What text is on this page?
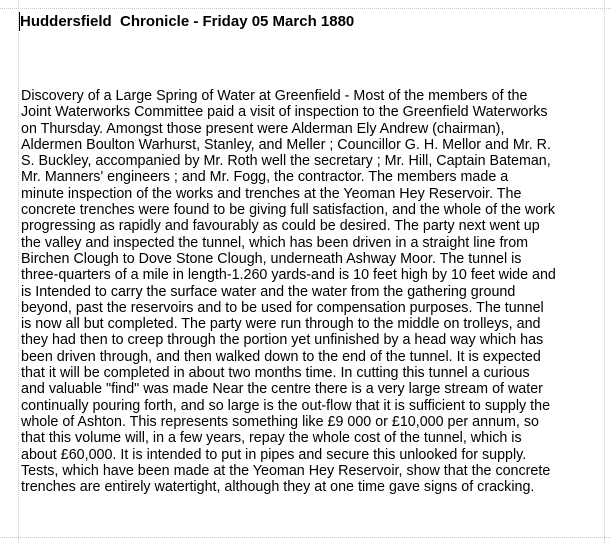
Huddersfield  Chronicle - Friday 05 March 1880
Discovery of a Large Spring of Water at Greenfield - Most of the members of the
Joint Waterworks Committee paid a visit of inspection to the Greenfield Waterworks
on Thursday. Amongst those present were Alderman Ely Andrew (chairman),
Aldermen Boulton Warhurst, Stanley, and Meller ; Councillor G. H. Mellor and Mr. R.
S. Buckley, accompanied by Mr. Roth well the secretary ; Mr. Hill, Captain Bateman,
Mr. Manners' engineers ; and Mr. Fogg, the contractor. The members made a
minute inspection of the works and trenches at the Yeoman Hey Reservoir. The
concrete trenches were found to be giving full satisfaction, and the whole of the work
progressing as rapidly and favourably as could be desired. The party next went up
the valley and inspected the tunnel, which has been driven in a straight line from
Birchen Clough to Dove Stone Clough, underneath Ashway Moor. The tunnel is
three-quarters of a mile in length-1.260 yards-and is 10 feet high by 10 feet wide and
is Intended to carry the surface water and the water from the gathering ground
beyond, past the reservoirs and to be used for compensation purposes. The tunnel
is now all but completed. The party were run through to the middle on trolleys, and
they had then to creep through the portion yet unfinished by a head way which has
been driven through, and then walked down to the end of the tunnel. It is expected
that it will be completed in about two months time. In cutting this tunnel a curious
and valuable "find" was made Near the centre there is a very large stream of water
continually pouring forth, and so large is the out-flow that it is sufficient to supply the
whole of Ashton. This represents something like £9 000 or £10,000 per annum, so
that this volume will, in a few years, repay the whole cost of the tunnel, which is
about £60,000. It is intended to put in pipes and secure this unlooked for supply.
Tests, which have been made at the Yeoman Hey Reservoir, show that the concrete
trenches are entirely watertight, although they at one time gave signs of cracking.
